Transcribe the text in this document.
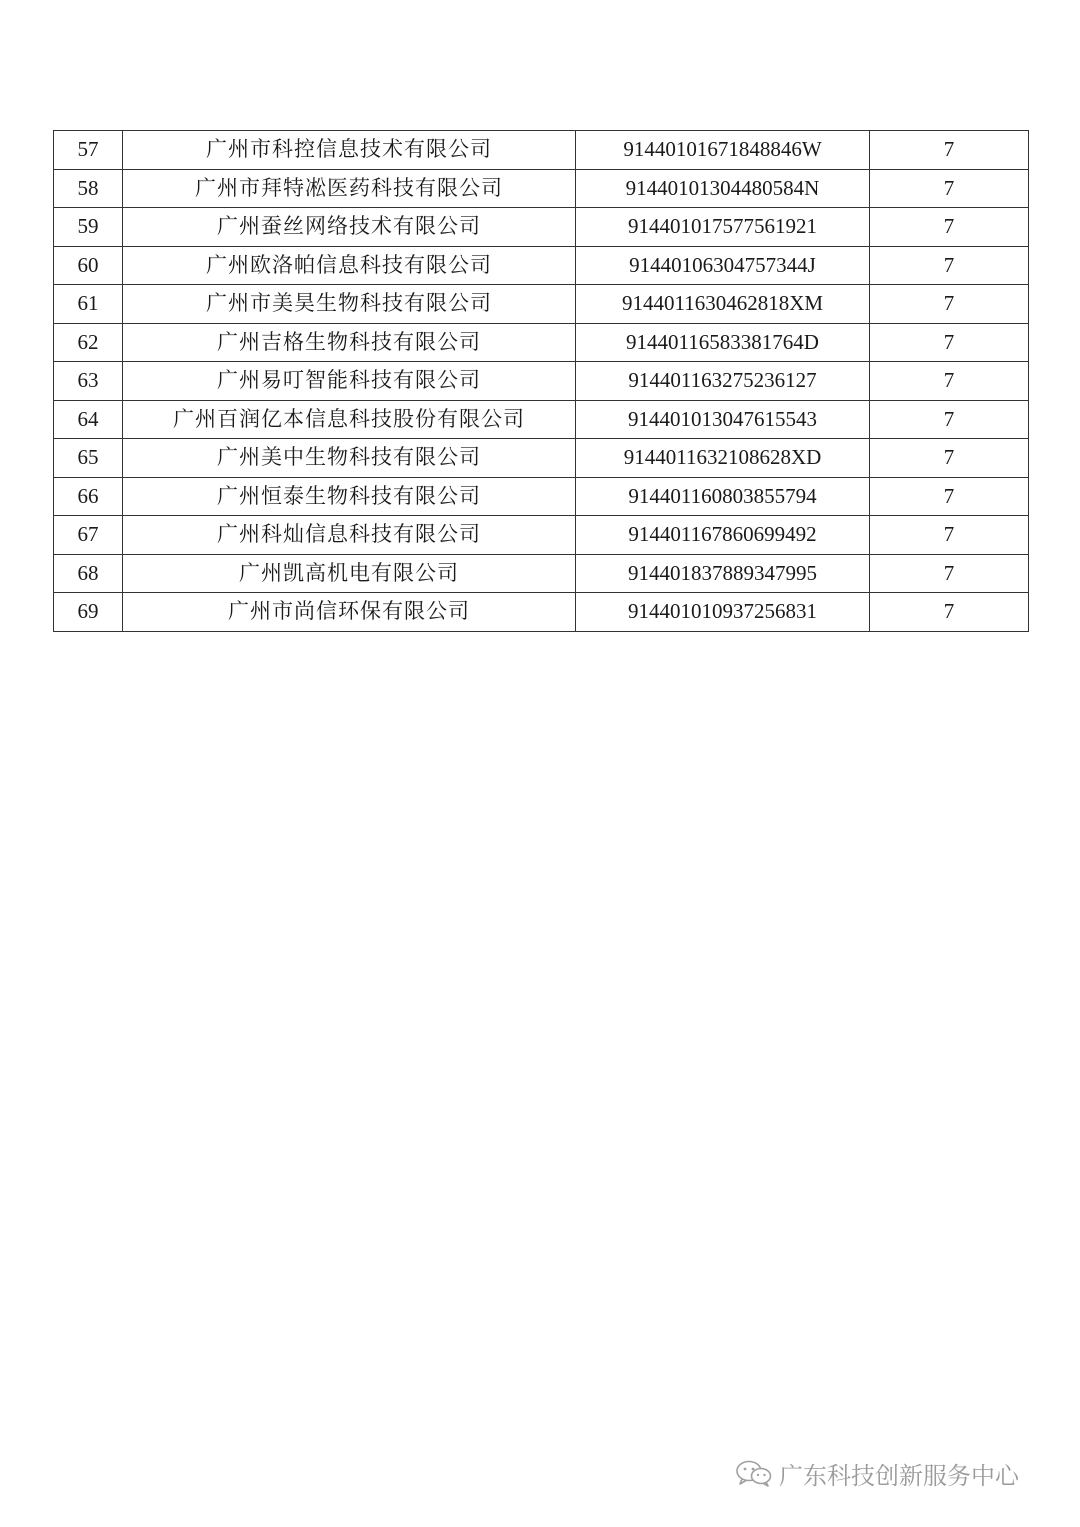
57	广州市科控信息技术有限公司	91440101671848846W	7
58	广州市拜特凇医药科技有限公司	91440101304480584N	7
59	广州蚕丝网络技术有限公司	914401017577561921	7
60	广州欧洛帕信息科技有限公司	91440106304757344J	7
61	广州市美昊生物科技有限公司	9144011630462818XM	7
62	广州吉格生物科技有限公司	91440116583381764D	7
63	广州易叮智能科技有限公司	914401163275236127	7
64	广州百润亿本信息科技股份有限公司	914401013047615543	7
65	广州美中生物科技有限公司	9144011632108628XD	7
66	广州恒泰生物科技有限公司	914401160803855794	7
67	广州科灿信息科技有限公司	914401167860699492	7
68	广州凯高机电有限公司	914401837889347995	7
69	广州市尚信环保有限公司	914401010937256831	7
广东科技创新服务中心
